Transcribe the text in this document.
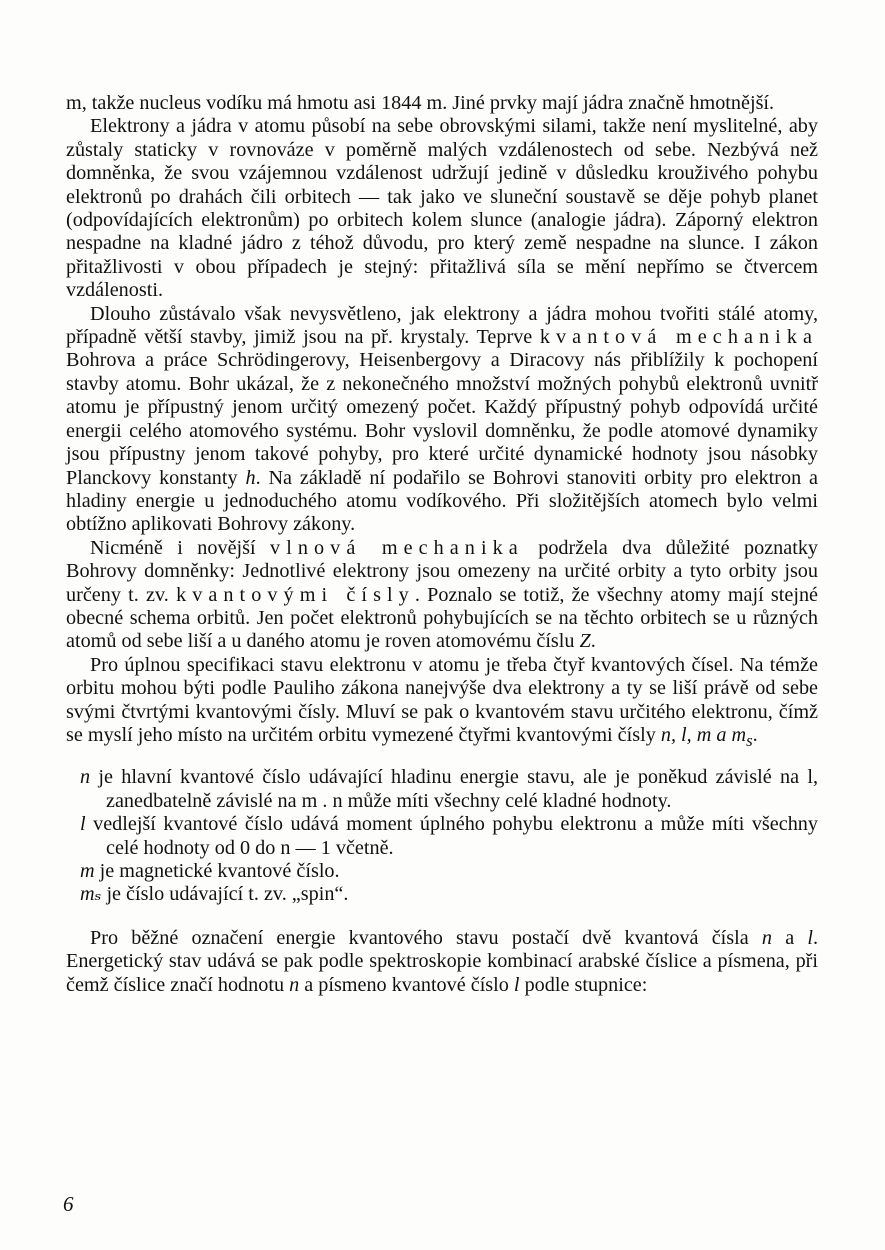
m, takže nucleus vodíku má hmotu asi 1844 m. Jiné prvky mají jádra značně hmotnější.

Elektrony a jádra v atomu působí na sebe obrovskými silami, takže není myslitelné, aby zůstaly staticky v rovnováze v poměrně malých vzdálenostech od sebe. Nezbývá než domněnka, že svou vzájemnou vzdálenost udržují jedině v důsledku krouživého pohybu elektronů po drahách čili orbitech — tak jako ve sluneční soustavě se děje pohyb planet (odpovídajících elektronům) po orbitech kolem slunce (analogie jádra). Záporný elektron nespadne na kladné jádro z téhož důvodu, pro který země nespadne na slunce. I zákon přitažlivosti v obou případech je stejný: přitažlivá síla se mění nepřímo se čtvercem vzdálenosti.

Dlouho zůstávalo však nevysvětleno, jak elektrony a jádra mohou tvořiti stálé atomy, případně větší stavby, jimiž jsou na př. krystaly. Teprve kvantová mechanika Bohrova a práce Schrödingerovy, Heisenbergovy a Diracovy nás přiblížily k pochopení stavby atomu. Bohr ukázal, že z nekonečného množství možných pohybů elektronů uvnitř atomu je přípustný jenom určitý omezený počet. Každý přípustný pohyb odpovídá určité energii celého atomového systému. Bohr vyslovil domněnku, že podle atomové dynamiky jsou přípustny jenom takové pohyby, pro které určité dynamické hodnoty jsou násobky Planckovy konstanty h. Na základě ní podařilo se Bohrovi stanoviti orbity pro elektron a hladiny energie u jednoduchého atomu vodíkového. Při složitějších atomech bylo velmi obtížno aplikovati Bohrovy zákony.

Nicméně i novější vlnová mechanika podržela dva důležité poznatky Bohrovy domněnky: Jednotlivé elektrony jsou omezeny na určité orbity a tyto orbity jsou určeny t. zv. kvantovými čísly. Poznalo se totiž, že všechny atomy mají stejné obecné schema orbitů. Jen počet elektronů pohybujících se na těchto orbitech se u různých atomů od sebe liší a u daného atomu je roven atomovému číslu Z.

Pro úplnou specifikaci stavu elektronu v atomu je třeba čtyř kvantových čísel. Na témže orbitu mohou býti podle Pauliho zákona nanejvýše dva elektrony a ty se liší právě od sebe svými čtvrtými kvantovými čísly. Mluví se pak o kvantovém stavu určitého elektronu, čímž se myslí jeho místo na určitém orbitu vymezené čtyřmi kvantovými čísly n, l, m a $m_s$.

n je hlavní kvantové číslo udávající hladinu energie stavu, ale je poněkud závislé na l, zanedbatelně závislé na m . n může míti všechny celé kladné hodnoty.
l vedlejší kvantové číslo udává moment úplného pohybu elektronu a může míti všechny celé hodnoty od 0 do n — 1 včetně.
m je magnetické kvantové číslo.
mₛ je číslo udávající t. zv. „spin“.

Pro běžné označení energie kvantového stavu postačí dvě kvantová čísla n a l. Energetický stav udává se pak podle spektroskopie kombinací arabské číslice a písmena, při čemž číslice značí hodnotu n a písmeno kvantové číslo l podle stupnice:

6
